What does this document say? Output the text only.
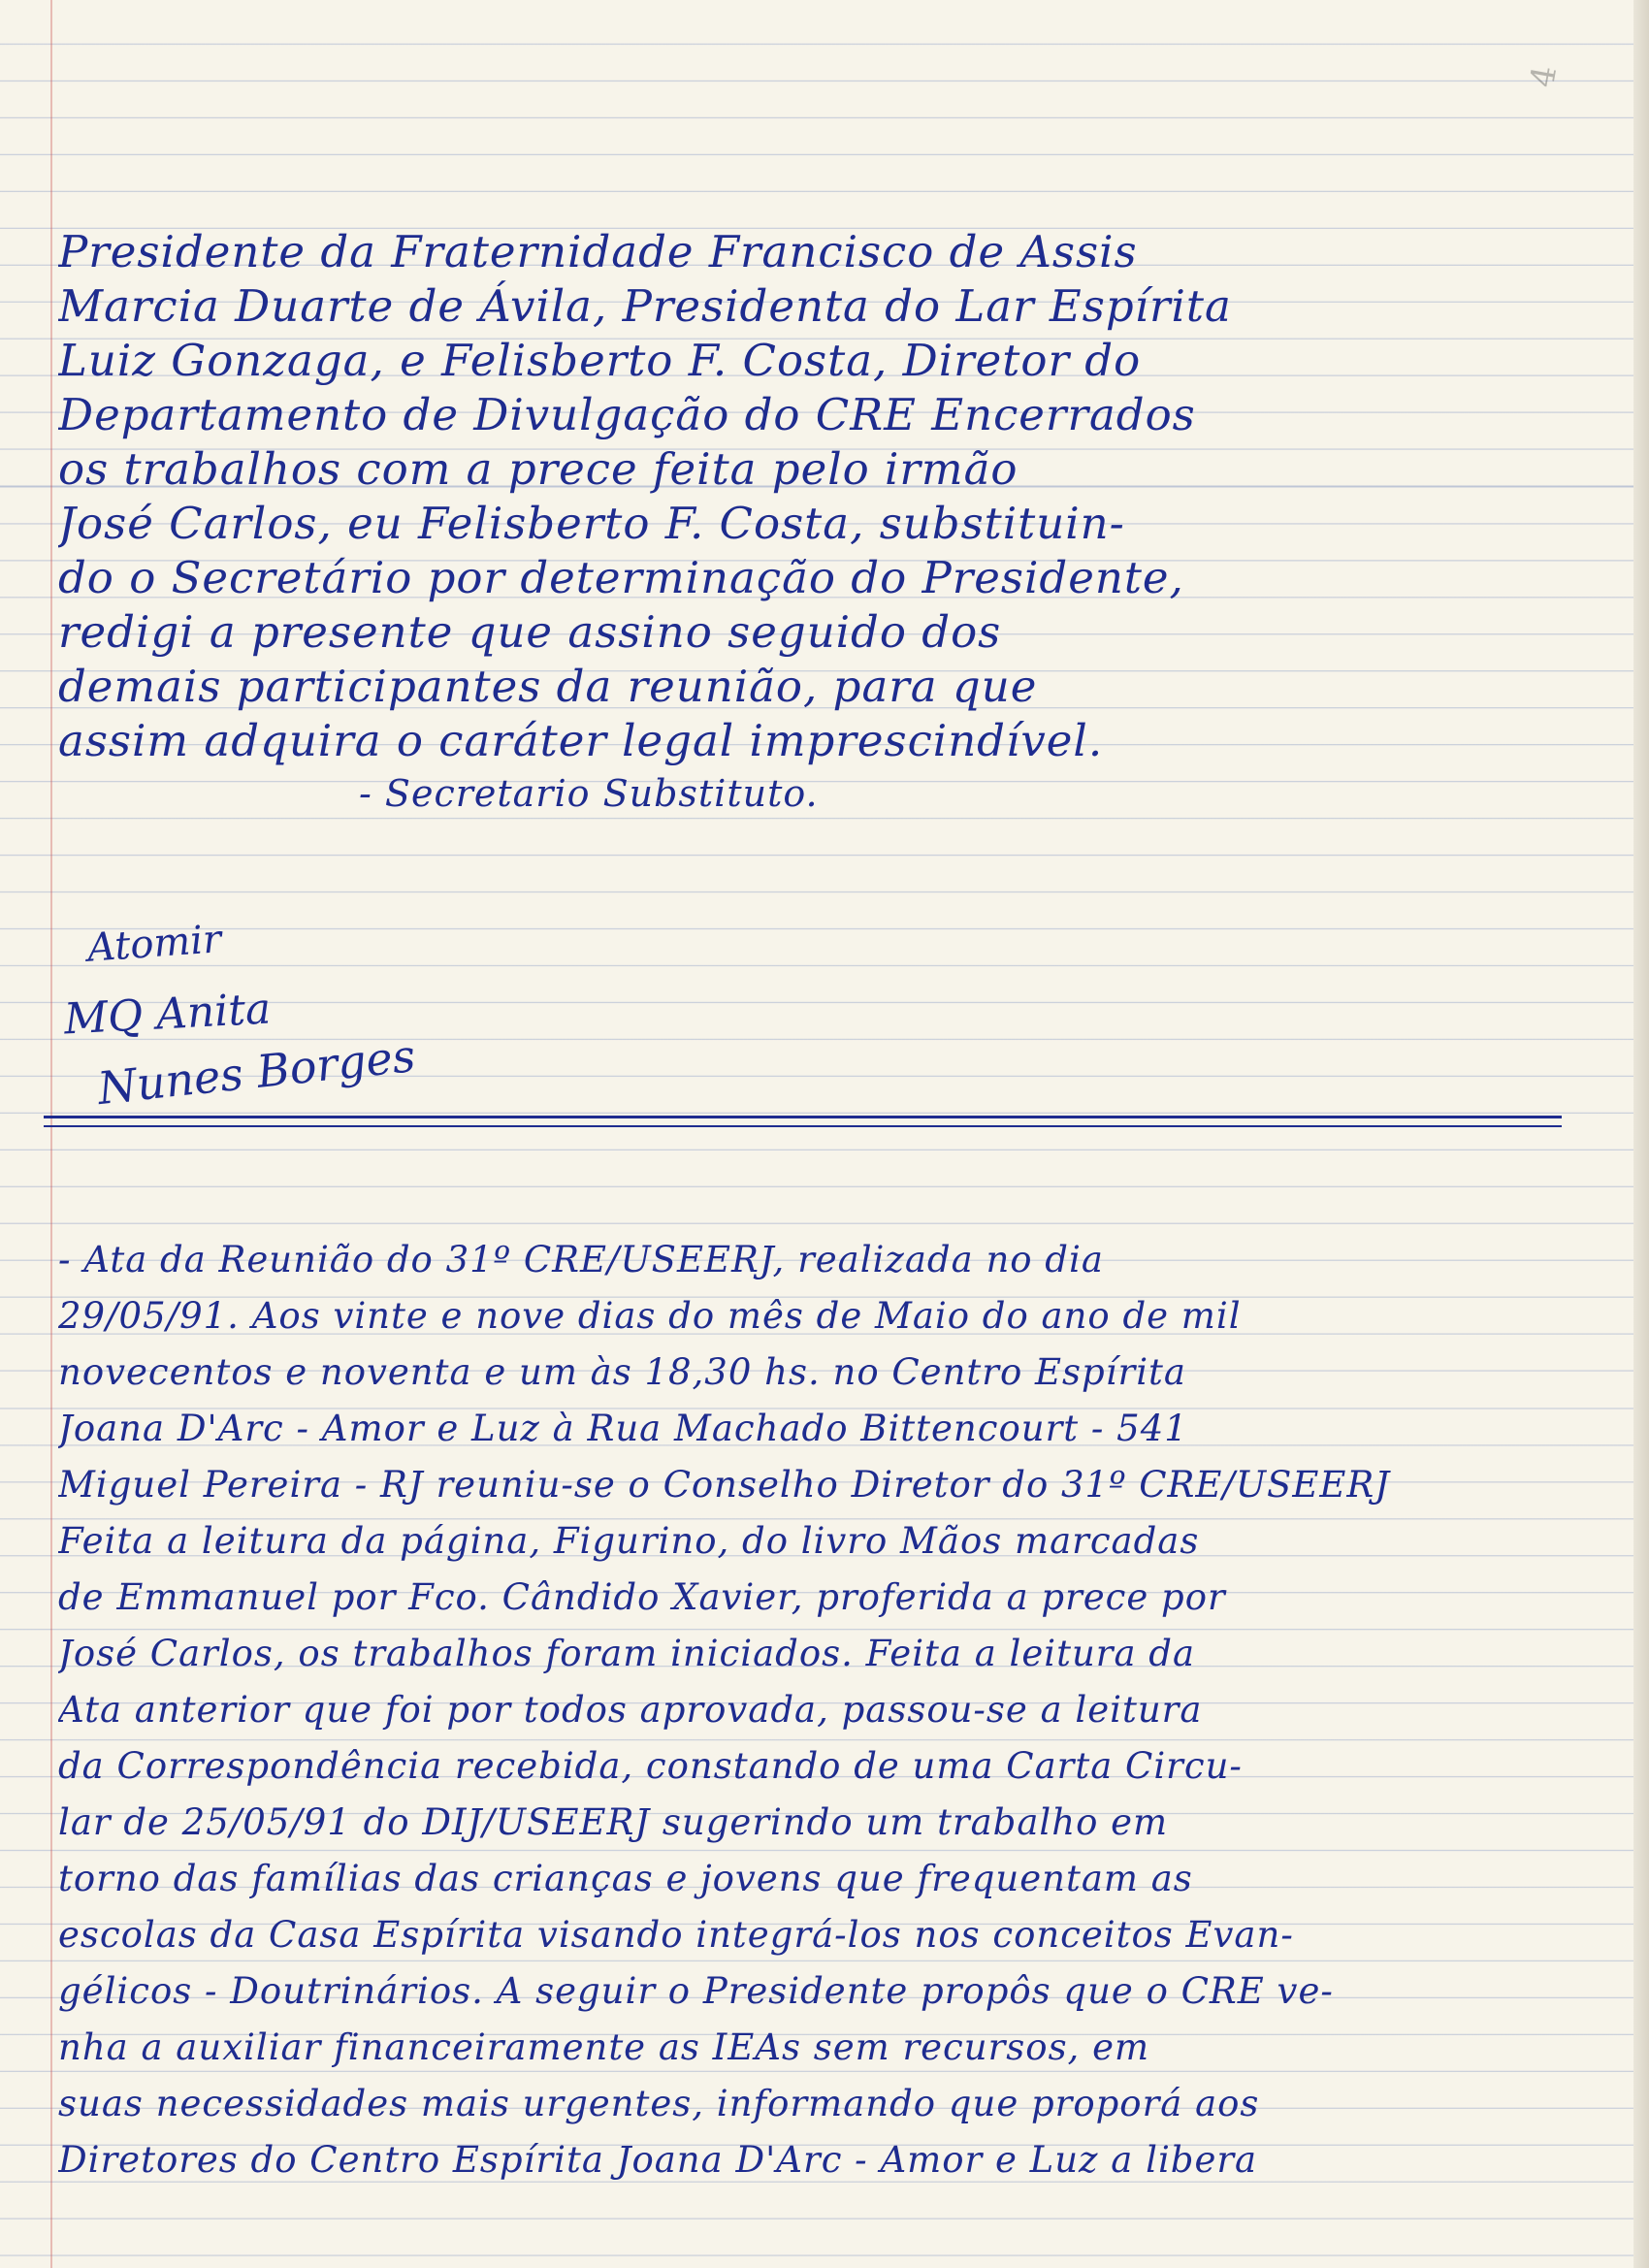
4
Presidente da Fraternidade Francisco de Assis
Marcia Duarte de Ávila, Presidenta do Lar Espírita
Luiz Gonzaga, e Felisberto F. Costa, Diretor do
Departamento de Divulgação do CRE Encerrados
os trabalhos com a prece feita pelo irmão
José Carlos, eu Felisberto F. Costa, substituin-
do o Secretário por determinação do Presidente,
redigi a presente que assino seguido dos
demais participantes da reunião, para que
assim adquira o caráter legal imprescindível.
- Secretario Substituto.
Atomir
MQ Anita
Nunes Borges
- Ata da Reunião do 31º CRE/USEERJ, realizada no dia
29/05/91. Aos vinte e nove dias do mês de Maio do ano de mil
novecentos e noventa e um às 18,30 hs. no Centro Espírita
Joana D'Arc - Amor e Luz à Rua Machado Bittencourt - 541
Miguel Pereira - RJ reuniu-se o Conselho Diretor do 31º CRE/USEERJ
Feita a leitura da página, Figurino, do livro Mãos marcadas
de Emmanuel por Fco. Cândido Xavier, proferida a prece por
José Carlos, os trabalhos foram iniciados. Feita a leitura da
Ata anterior que foi por todos aprovada, passou-se a leitura
da Correspondência recebida, constando de uma Carta Circu-
lar de 25/05/91 do DIJ/USEERJ sugerindo um trabalho em
torno das famílias das crianças e jovens que frequentam as
escolas da Casa Espírita visando integrá-los nos conceitos Evan-
gélicos - Doutrinários. A seguir o Presidente propôs que o CRE ve-
nha a auxiliar financeiramente as IEAs sem recursos, em
suas necessidades mais urgentes, informando que proporá aos
Diretores do Centro Espírita Joana D'Arc - Amor e Luz a libera
